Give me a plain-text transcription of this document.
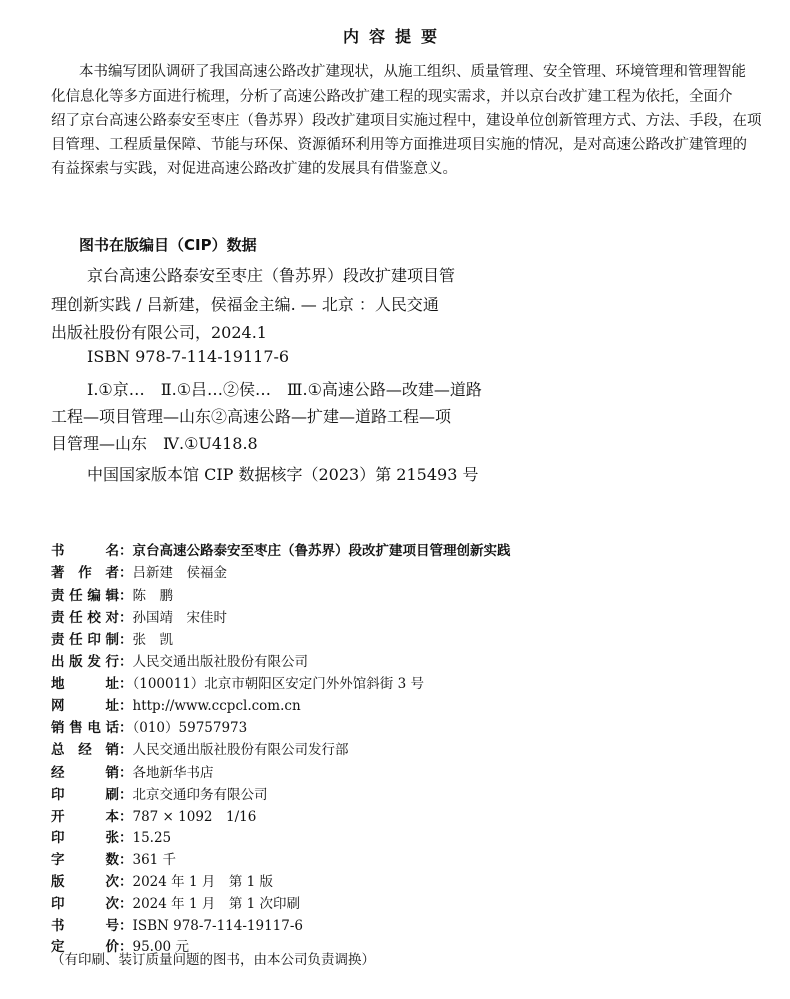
内容提要
本书编写团队调研了我国高速公路改扩建现状，从施工组织、质量管理、安全管理、环境管理和管理智能
化信息化等多方面进行梳理，分析了高速公路改扩建工程的现实需求，并以京台改扩建工程为依托，全面介
绍了京台高速公路泰安至枣庄（鲁苏界）段改扩建项目实施过程中，建设单位创新管理方式、方法、手段，在项
目管理、工程质量保障、节能与环保、资源循环利用等方面推进项目实施的情况，是对高速公路改扩建管理的
有益探索与实践，对促进高速公路改扩建的发展具有借鉴意义。
图书在版编目（CIP）数据
京台高速公路泰安至枣庄（鲁苏界）段改扩建项目管
理创新实践 / 吕新建，侯福金主编. — 北京 ：人民交通
出版社股份有限公司，2024.1
ISBN 978-7-114-19117-6
Ⅰ.①京…　Ⅱ.①吕…②侯…　Ⅲ.①高速公路—改建—道路
工程—项目管理—山东②高速公路—扩建—道路工程—项
目管理—山东　Ⅳ.①U418.8
中国国家版本馆 CIP 数据核字（2023）第 215493 号
书名：京台高速公路泰安至枣庄（鲁苏界）段改扩建项目管理创新实践
著作者：吕新建　侯福金
责任编辑：陈　鹏
责任校对：孙国靖　宋佳时
责任印制：张　凯
出版发行：人民交通出版社股份有限公司
地址：（100011）北京市朝阳区安定门外外馆斜街 3 号
网址：http://www.ccpcl.com.cn
销售电话：（010）59757973
总经销：人民交通出版社股份有限公司发行部
经销：各地新华书店
印刷：北京交通印务有限公司
开本：787 × 1092　1/16
印张：15.25
字数：361 千
版次：2024 年 1 月　第 1 版
印次：2024 年 1 月　第 1 次印刷
书号：ISBN 978-7-114-19117-6
定价：95.00 元
（有印刷、装订质量问题的图书，由本公司负责调换）
